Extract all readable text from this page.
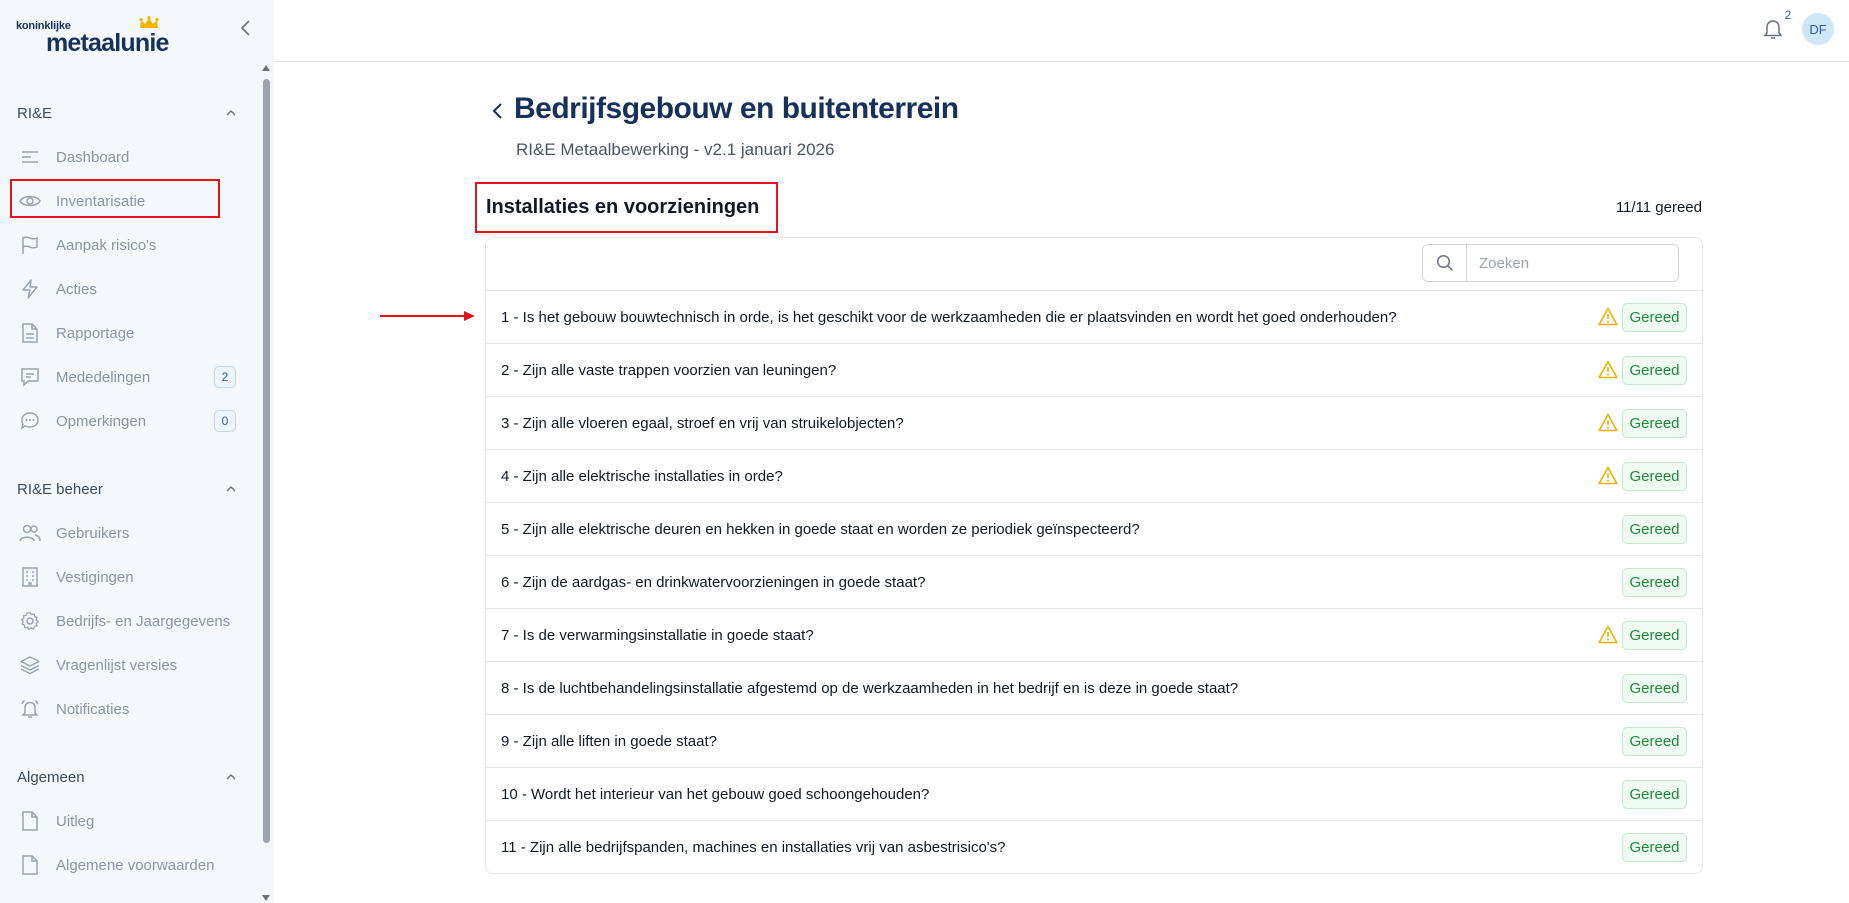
koninklijke
metaalunie
RI&E
Dashboard
Inventarisatie
Aanpak risico's
Acties
Rapportage
Mededelingen	2
Opmerkingen	0
RI&E beheer
Gebruikers
Vestigingen
Bedrijfs- en Jaargegevens
Vragenlijst versies
Notificaties
Algemeen
Uitleg
Algemene voorwaarden
2
DF
Bedrijfsgebouw en buitenterrein
RI&E Metaalbewerking - v2.1 januari 2026
Installaties en voorzieningen	11/11 gereed
Zoeken
1 - Is het gebouw bouwtechnisch in orde, is het geschikt voor de werkzaamheden die er plaatsvinden en wordt het goed onderhouden?	Gereed
2 - Zijn alle vaste trappen voorzien van leuningen?	Gereed
3 - Zijn alle vloeren egaal, stroef en vrij van struikelobjecten?	Gereed
4 - Zijn alle elektrische installaties in orde?	Gereed
5 - Zijn alle elektrische deuren en hekken in goede staat en worden ze periodiek geïnspecteerd?	Gereed
6 - Zijn de aardgas- en drinkwatervoorzieningen in goede staat?	Gereed
7 - Is de verwarmingsinstallatie in goede staat?	Gereed
8 - Is de luchtbehandelingsinstallatie afgestemd op de werkzaamheden in het bedrijf en is deze in goede staat?	Gereed
9 - Zijn alle liften in goede staat?	Gereed
10 - Wordt het interieur van het gebouw goed schoongehouden?	Gereed
11 - Zijn alle bedrijfspanden, machines en installaties vrij van asbestrisico's?	Gereed
